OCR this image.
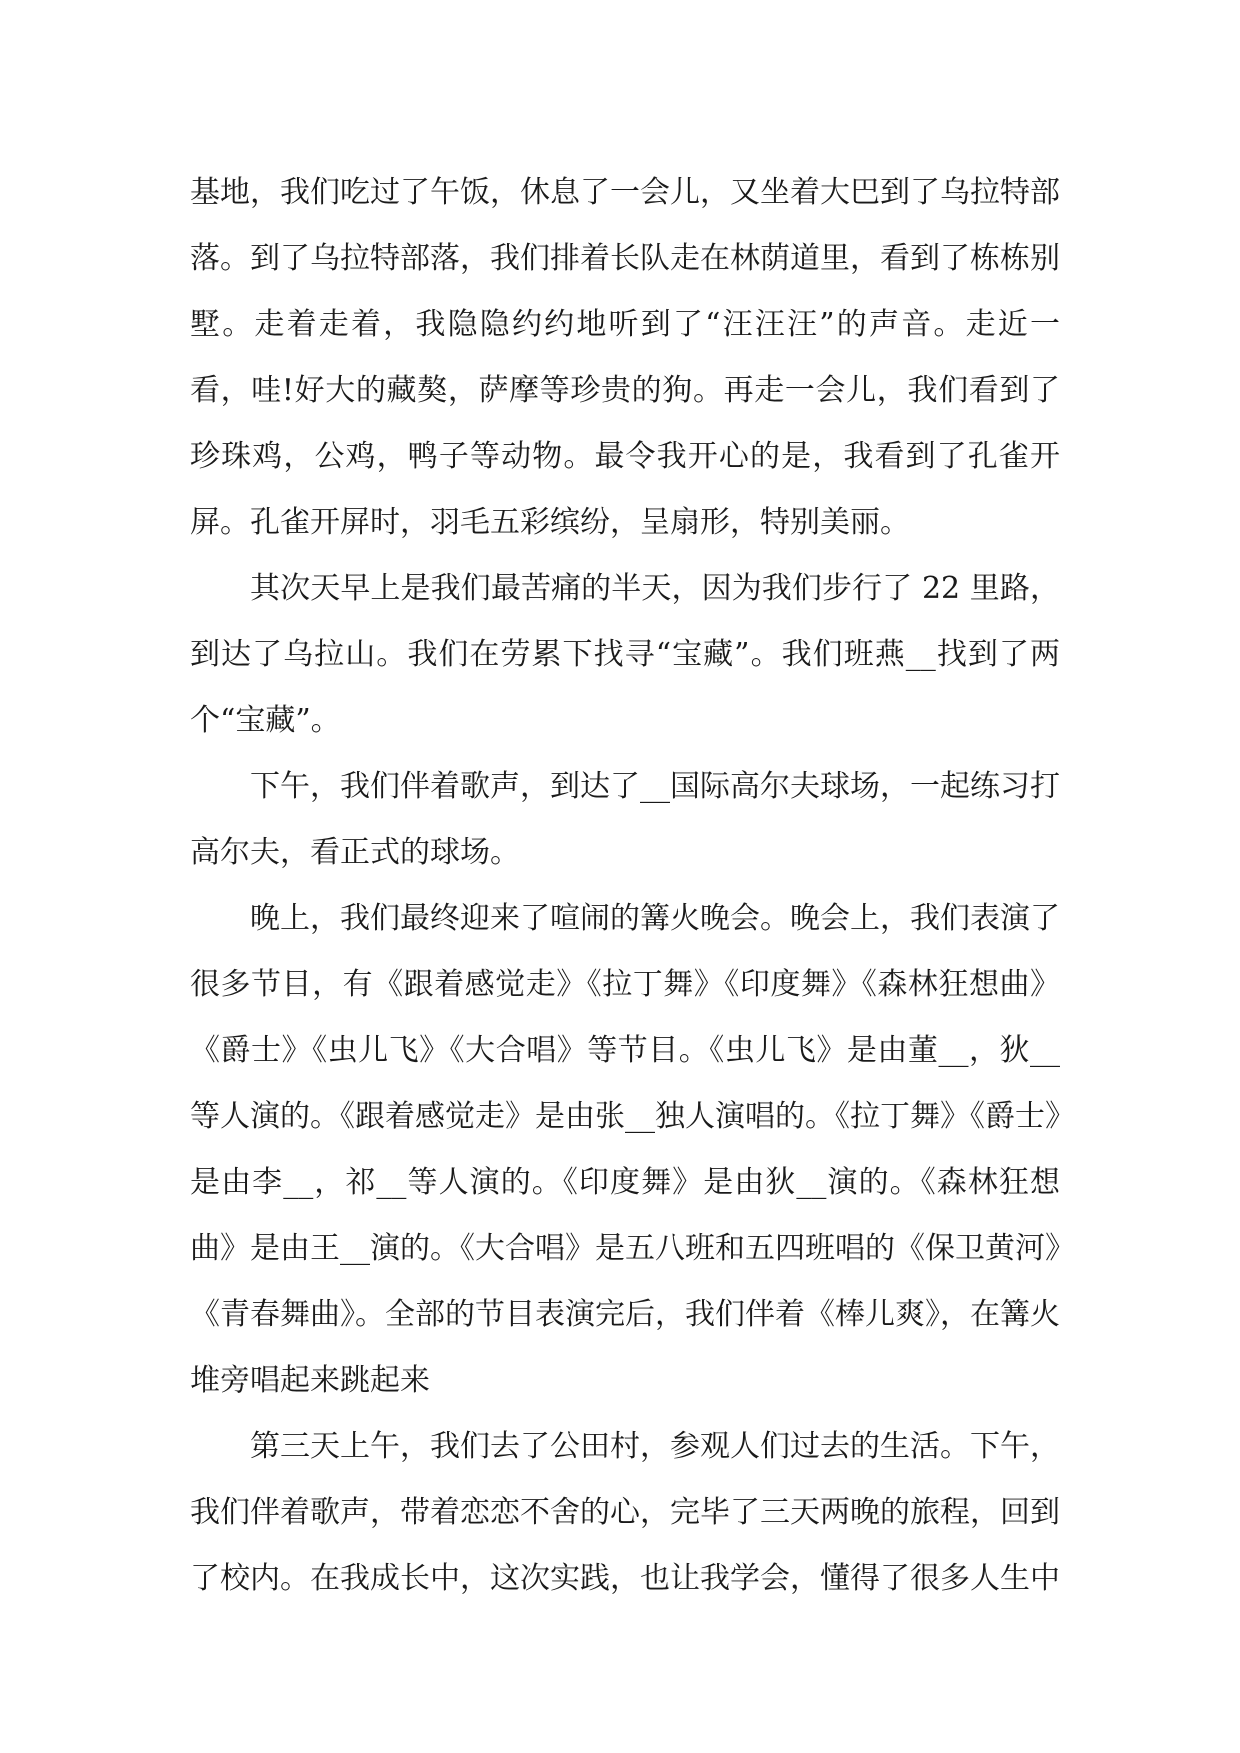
基地，我们吃过了午饭，休息了一会儿，又坐着大巴到了乌拉特部落。到了乌拉特部落，我们排着长队走在林荫道里，看到了栋栋别墅。走着走着，我隐隐约约地听到了“汪汪汪”的声音。走近一看，哇!好大的藏獒，萨摩等珍贵的狗。再走一会儿，我们看到了珍珠鸡，公鸡，鸭子等动物。最令我开心的是，我看到了孔雀开屏。孔雀开屏时，羽毛五彩缤纷，呈扇形，特别美丽。

其次天早上是我们最苦痛的半天，因为我们步行了 22 里路，到达了乌拉山。我们在劳累下找寻“宝藏”。我们班燕__找到了两个“宝藏”。

下午，我们伴着歌声，到达了__国际高尔夫球场，一起练习打高尔夫，看正式的球场。

晚上，我们最终迎来了喧闹的篝火晚会。晚会上，我们表演了很多节目，有《跟着感觉走》《拉丁舞》《印度舞》《森林狂想曲》《爵士》《虫儿飞》《大合唱》等节目。《虫儿飞》是由董__，狄__等人演的。《跟着感觉走》是由张__独人演唱的。《拉丁舞》《爵士》是由李__，祁__等人演的。《印度舞》是由狄__演的。《森林狂想曲》是由王__演的。《大合唱》是五八班和五四班唱的《保卫黄河》《青春舞曲》。全部的节目表演完后，我们伴着《棒儿爽》，在篝火堆旁唱起来跳起来

第三天上午，我们去了公田村，参观人们过去的生活。下午，我们伴着歌声，带着恋恋不舍的心，完毕了三天两晚的旅程，回到了校内。在我成长中，这次实践，也让我学会，懂得了很多人生中
